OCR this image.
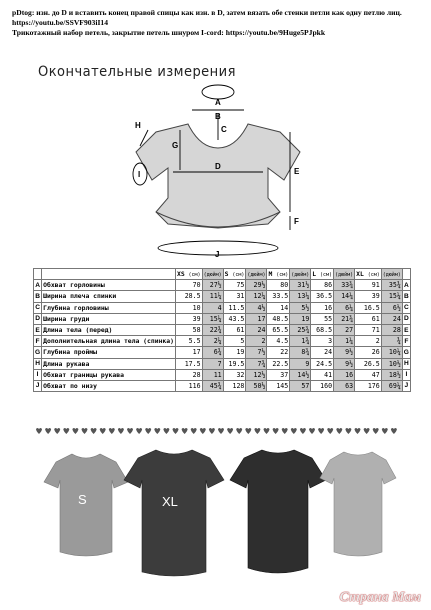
pDtog: изн. до D и вставить конец правой спицы как изн. в D, затем вязать обе стенки петли как одну петлю лиц. https://youtu.be/SSVF903iI14
Трикотажный набор петель, закрытие петель шнуром I-cord: https://youtu.be/9Huge5PJpkk
Окончательные измерения
A
B
C
D
E
F
G
H
I
J
		XS (см)	(дюйм)	S (см)	(дюйм)	M (см)	(дюйм)	L (см)	(дюйм)	XL (см)	(дюйм)	
A	Обхват горловины	70	27½	75	29½	80	31½	86	33¾	91	35¾	A
B	Ширина плеча спинки	28.5	11¼	31	12¼	33.5	13¼	36.5	14¼	39	15¼	B
C	Глубина горловины	10	4	11.5	4½	14	5½	16	6¼	16.5	6½	C
D	Ширина груди	39	15¼	43.5	17	48.5	19	55	21¾	61	24	D
E	Длина тела (перед)	58	22¾	61	24	65.5	25¾	68.5	27	71	28	E
F	Дополнительная длина тела (спинка)	5.5	2¼	5	2	4.5	1¾	3	1¼	2	¾	F
G	Глубина проймы	17	6¾	19	7½	22	8¾	24	9½	26	10¼	G
H	Длина рукава	17.5	7	19.5	7¾	22.5	9	24.5	9½	26.5	10½	H
I	Обхват границы рукава	28	11	32	12½	37	14½	41	16	47	18½	I
J	Обхват по низу	116	45¾	128	50½	145	57	160	63	176	69¼	J
S	XL
Страна Мам
